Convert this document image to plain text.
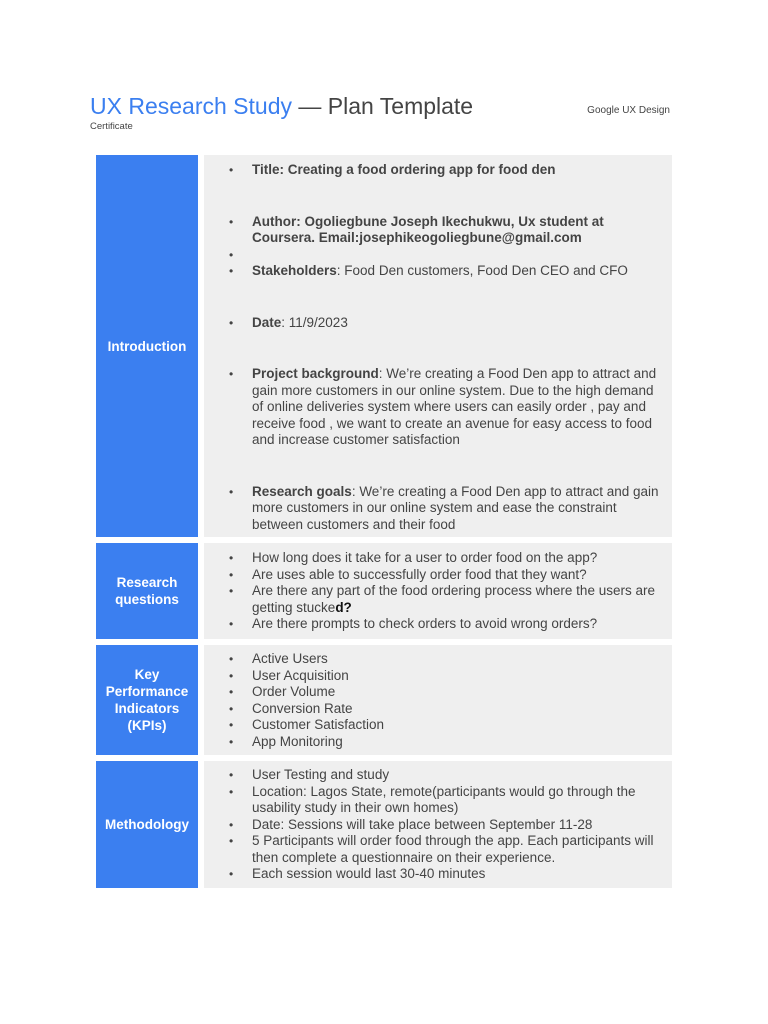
UX Research Study — Plan Template	Google UX Design
Certificate
Introduction
• Title: Creating a food ordering app for food den
• Author: Ogoliegbune Joseph Ikechukwu, Ux student at Coursera. Email:josephikeogoliegbune@gmail.com
•
• Stakeholders: Food Den customers, Food Den CEO and CFO
• Date: 11/9/2023
• Project background: We’re creating a Food Den app to attract and gain more customers in our online system. Due to the high demand of online deliveries system where users can easily order , pay and receive food , we want to create an avenue for easy access to food and increase customer satisfaction
• Research goals: We’re creating a Food Den app to attract and gain more customers in our online system and ease the constraint between customers and their food
Research questions
• How long does it take for a user to order food on the app?
• Are uses able to successfully order food that they want?
• Are there any part of the food ordering process where the users are getting stucked?
• Are there prompts to check orders to avoid wrong orders?
Key Performance Indicators (KPIs)
• Active Users
• User Acquisition
• Order Volume
• Conversion Rate
• Customer Satisfaction
• App Monitoring
Methodology
• User Testing and study
• Location: Lagos State, remote(participants would go through the usability study in their own homes)
• Date: Sessions will take place between September 11-28
• 5 Participants will order food through the app. Each participants will then complete a questionnaire on their experience.
• Each session would last 30-40 minutes
